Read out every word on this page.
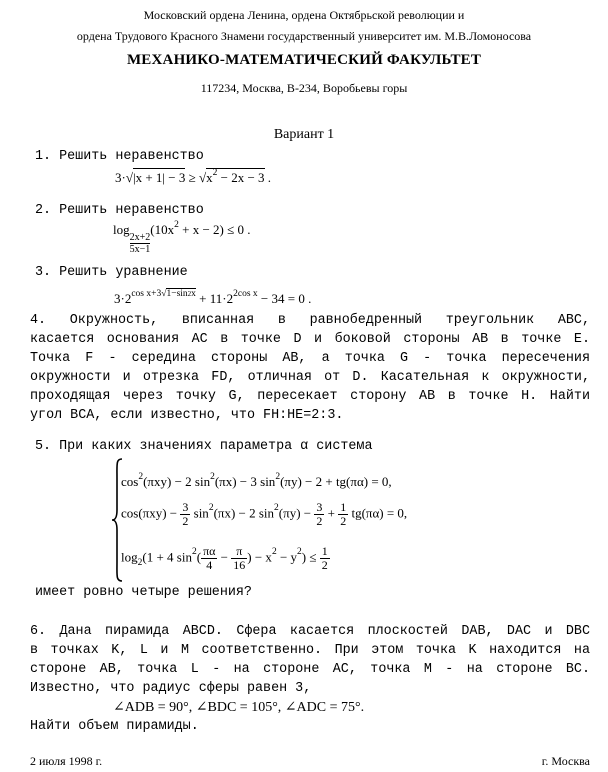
Московский ордена Ленина, ордена Октябрьской революции и
ордена Трудового Красного Знамени государственный университет им. М.В.Ломоносова
МЕХАНИКО-МАТЕМАТИЧЕСКИЙ ФАКУЛЬТЕТ
117234, Москва, В-234, Воробьевы горы
Вариант 1
1. Решить неравенство
$3\cdot√|x + 1| - 3 \ge √x^2 - 2x - 3$ .
2. Решить неравенство
log
$\frac{2x+2}{5x-1}$
$(10x^2 + x - 2) \le 0$ .
3. Решить уравнение
$3\cdot 2^{cos x+3√1-sin2x} + 11\cdot 2^{2cos x} - 34 = 0$ .
4. Окружность, вписанная в равнобедренный треугольник ABC,
касается основания AC в точке D и боковой стороны AB в точке E.
Точка F - середина стороны AB, а точка G - точка пересечения
окружности и отрезка FD, отличная от D. Касательная к окружности,
проходящая через точку G, пересекает сторону AB в точке H. Найти
угол BCA, если известно, что FH:HE=2:3.
5. При каких значениях параметра α система
$\cos^2(\pi xy) - 2$ $\sin^2(\pi x) - 3$ $\sin^2(\pi y) - 2 + tg(\pi\alpha) = 0$,
$\cos(\pi xy) - \frac{3}{2} \sin^2(\pi x) - 2$ $\sin^2(\pi y) - \frac{3}{2} + \frac{1}{2} tg(\pi\alpha) = 0$,
$\log_2(1 + 4$ $\sin^2( \frac{\pi\alpha}{4} - \frac{\pi}{16}$ ) − $x^2 - y^2) \le \frac{1}{2}$
имеет ровно четыре решения?
6. Дана пирамида ABCD. Сфера касается плоскостей DAB, DAC и DBC
в точках K, L и M соответственно. При этом точка K находится на
стороне AB, точка L - на стороне AC, точка M - на стороне BC.
Известно, что радиус сферы равен 3,
∠ADB = 90°, ∠BDC = 105°, ∠ADC = 75°.
Найти объем пирамиды.
2 июля 1998 г.	г. Москва
